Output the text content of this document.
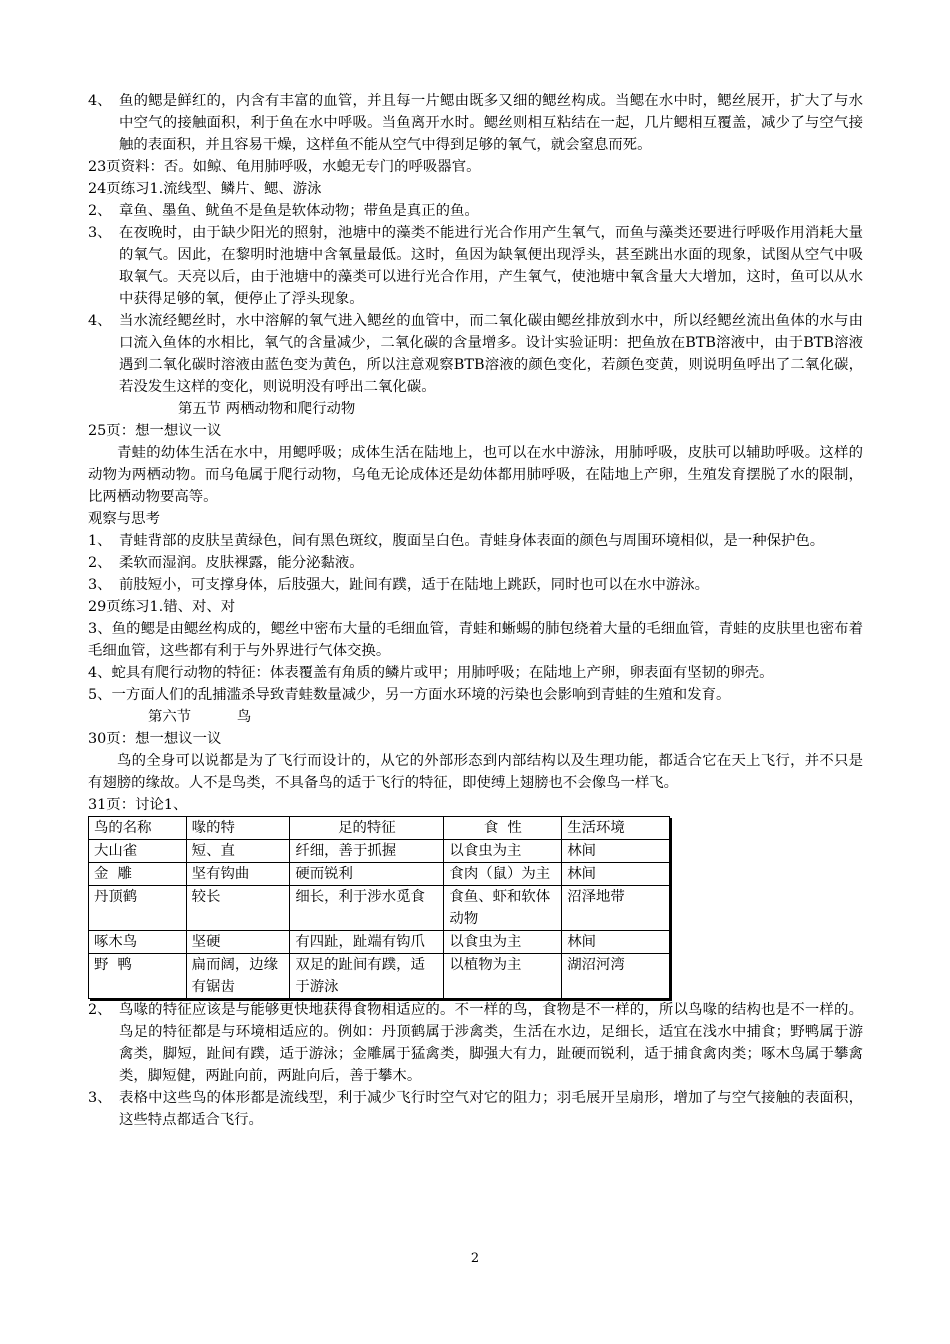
4、 鱼的鳃是鲜红的，内含有丰富的血管，并且每一片鳃由既多又细的鳃丝构成。当鳃在水中时，鳃丝展开，扩大了与水中空气的接触面积，利于鱼在水中呼吸。当鱼离开水时。鳃丝则相互粘结在一起，几片鳃相互覆盖，减少了与空气接触的表面积，并且容易干燥，这样鱼不能从空气中得到足够的氧气，就会窒息而死。
23页资料：否。如鲸、龟用肺呼吸，水螅无专门的呼吸器官。
24页练习1.流线型、鳞片、鳃、游泳
2、 章鱼、墨鱼、鱿鱼不是鱼是软体动物；带鱼是真正的鱼。
3、 在夜晚时，由于缺少阳光的照射，池塘中的藻类不能进行光合作用产生氧气，而鱼与藻类还要进行呼吸作用消耗大量的氧气。因此，在黎明时池塘中含氧量最低。这时，鱼因为缺氧便出现浮头，甚至跳出水面的现象，试图从空气中吸取氧气。天亮以后，由于池塘中的藻类可以进行光合作用，产生氧气，使池塘中氧含量大大增加，这时，鱼可以从水中获得足够的氧，便停止了浮头现象。
4、 当水流经鳃丝时，水中溶解的氧气进入鳃丝的血管中，而二氧化碳由鳃丝排放到水中，所以经鳃丝流出鱼体的水与由口流入鱼体的水相比，氧气的含量减少，二氧化碳的含量增多。设计实验证明：把鱼放在BTB溶液中，由于BTB溶液遇到二氧化碳时溶液由蓝色变为黄色，所以注意观察BTB溶液的颜色变化，若颜色变黄，则说明鱼呼出了二氧化碳，若没发生这样的变化，则说明没有呼出二氧化碳。
第五节 两栖动物和爬行动物
25页：想一想议一议
青蛙的幼体生活在水中，用鳃呼吸；成体生活在陆地上，也可以在水中游泳，用肺呼吸，皮肤可以辅助呼吸。这样的动物为两栖动物。而乌龟属于爬行动物，乌龟无论成体还是幼体都用肺呼吸，在陆地上产卵，生殖发育摆脱了水的限制，比两栖动物要高等。
观察与思考
1、 青蛙背部的皮肤呈黄绿色，间有黑色斑纹，腹面呈白色。青蛙身体表面的颜色与周围环境相似，是一种保护色。
2、 柔软而湿润。皮肤裸露，能分泌黏液。
3、 前肢短小，可支撑身体，后肢强大，趾间有蹼，适于在陆地上跳跃，同时也可以在水中游泳。
29页练习1.错、对、对
3、鱼的鳃是由鳃丝构成的，鳃丝中密布大量的毛细血管，青蛙和蜥蜴的肺包绕着大量的毛细血管，青蛙的皮肤里也密布着毛细血管，这些都有利于与外界进行气体交换。
4、蛇具有爬行动物的特征：体表覆盖有角质的鳞片或甲；用肺呼吸；在陆地上产卵，卵表面有坚韧的卵壳。
5、一方面人们的乱捕滥杀导致青蛙数量减少，另一方面水环境的污染也会影响到青蛙的生殖和发育。
第六节          鸟
30页：想一想议一议
鸟的全身可以说都是为了飞行而设计的，从它的外部形态到内部结构以及生理功能，都适合它在天上飞行，并不只是有翅膀的缘故。人不是鸟类，不具备鸟的适于飞行的特征，即使缚上翅膀也不会像鸟一样飞。
31页：讨论1、
鸟的名称	喙的特	足的特征	食  性	生活环境
大山雀	短、直	纤细，善于抓握	以食虫为主	林间
金  雕	坚有钩曲	硬而锐利	食肉（鼠）为主	林间
丹顶鹤	较长	细长，利于涉水觅食	食鱼、虾和软体动物	沼泽地带
啄木鸟	坚硬	有四趾，趾端有钩爪	以食虫为主	林间
野  鸭	扁而阔，边缘有锯齿	双足的趾间有蹼，适于游泳	以植物为主	湖沼河湾
2、 鸟喙的特征应该是与能够更快地获得食物相适应的。不一样的鸟，食物是不一样的，所以鸟喙的结构也是不一样的。鸟足的特征都是与环境相适应的。例如：丹顶鹤属于涉禽类，生活在水边，足细长，适宜在浅水中捕食；野鸭属于游禽类，脚短，趾间有蹼，适于游泳；金雕属于猛禽类，脚强大有力，趾硬而锐利，适于捕食禽肉类；啄木鸟属于攀禽类，脚短健，两趾向前，两趾向后，善于攀木。
3、 表格中这些鸟的体形都是流线型，利于减少飞行时空气对它的阻力；羽毛展开呈扇形，增加了与空气接触的表面积，这些特点都适合飞行。
2
